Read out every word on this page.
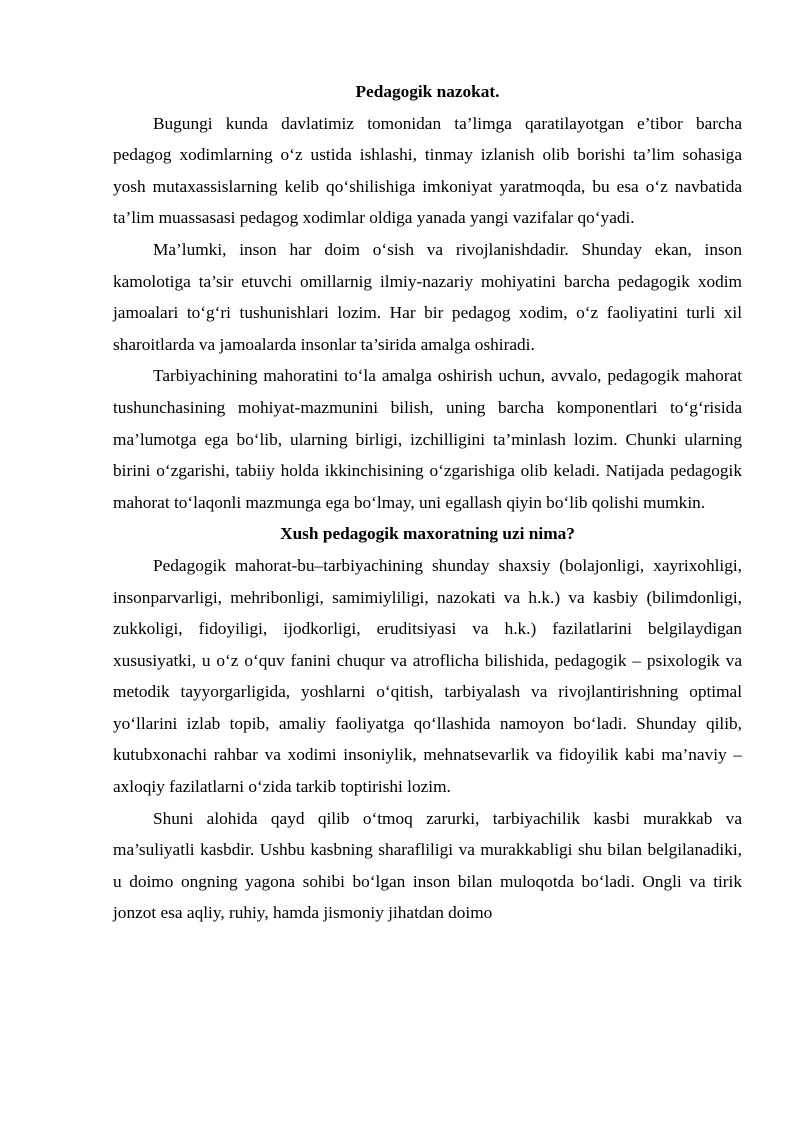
Pedagogik nazokat.

Bugungi kunda davlatimiz tomonidan ta’limga qaratilayotgan e’tibor barcha pedagog xodimlarning o‘z ustida ishlashi, tinmay izlanish olib borishi ta’lim sohasiga yosh mutaxassislarning kelib qo‘shilishiga imkoniyat yaratmoqda, bu esa o‘z navbatida ta’lim muassasasi pedagog xodimlar oldiga yanada yangi vazifalar qo‘yadi.

Ma’lumki, inson har doim o‘sish va rivojlanishdadir. Shunday ekan, inson kamolotiga ta’sir etuvchi omillarnig ilmiy-nazariy mohiyatini barcha pedagogik xodim jamoalari to‘g‘ri tushunishlari lozim. Har bir pedagog xodim, o‘z faoliyatini turli xil sharoitlarda va jamoalarda insonlar ta’sirida amalga oshiradi.

Tarbiyachining mahoratini to‘la amalga oshirish uchun, avvalo, pedagogik mahorat tushunchasining mohiyat-mazmunini bilish, uning barcha komponentlari to‘g‘risida ma’lumotga ega bo‘lib, ularning birligi, izchilligini ta’minlash lozim. Chunki ularning birini o‘zgarishi, tabiiy holda ikkinchisining o‘zgarishiga olib keladi. Natijada pedagogik mahorat to‘laqonli mazmunga ega bo‘lmay, uni egallash qiyin bo‘lib qolishi mumkin.

Xush pedagogik maxoratning uzi nima?

Pedagogik mahorat-bu–tarbiyachining shunday shaxsiy (bolajonligi, xayrixohligi, insonparvarligi, mehribonligi, samimiyliligi, nazokati va h.k.) va kasbiy (bilimdonligi, zukkoligi, fidoyiligi, ijodkorligi, eruditsiyasi va h.k.) fazilatlarini belgilaydigan xususiyatki, u o‘z o‘quv fanini chuqur va atroflicha bilishida, pedagogik – psixologik va metodik tayyorgarligida, yoshlarni o‘qitish, tarbiyalash va rivojlantirishning optimal yo‘llarini izlab topib, amaliy faoliyatga qo‘llashida namoyon bo‘ladi. Shunday qilib, kutubxonachi rahbar va xodimi insoniylik, mehnatsevarlik va fidoyilik kabi ma’naviy – axloqiy fazilatlarni o‘zida tarkib toptirishi lozim.

Shuni alohida qayd qilib o‘tmoq zarurki, tarbiyachilik kasbi murakkab va ma’suliyatli kasbdir. Ushbu kasbning sharafliligi va murakkabligi shu bilan belgilanadiki, u doimo ongning yagona sohibi bo‘lgan inson bilan muloqotda bo‘ladi. Ongli va tirik jonzot esa aqliy, ruhiy, hamda jismoniy jihatdan doimo
